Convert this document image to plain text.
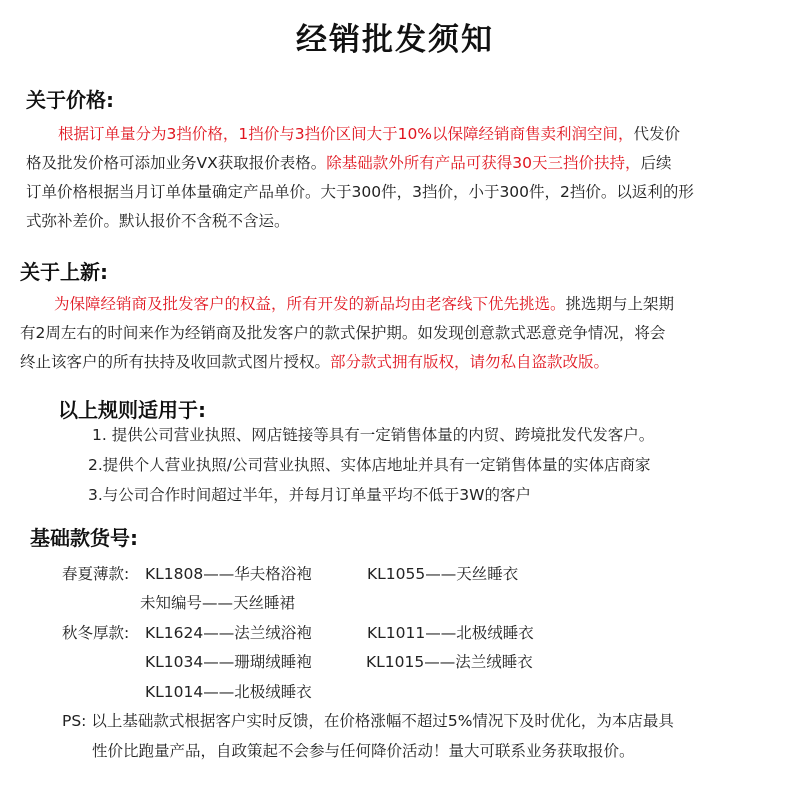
经销批发须知
关于价格:
根据订单量分为3挡价格，1挡价与3挡价区间大于10%以保障经销商售卖利润空间，代发价
格及批发价格可添加业务VX获取报价表格。除基础款外所有产品可获得30天三挡价扶持，后续
订单价格根据当月订单体量确定产品单价。大于300件，3挡价，小于300件，2挡价。以返利的形
式弥补差价。默认报价不含税不含运。
关于上新:
为保障经销商及批发客户的权益，所有开发的新品均由老客线下优先挑选。挑选期与上架期
有2周左右的时间来作为经销商及批发客户的款式保护期。如发现创意款式恶意竞争情况，将会
终止该客户的所有扶持及收回款式图片授权。部分款式拥有版权，请勿私自盗款改版。
以上规则适用于:
1. 提供公司营业执照、网店链接等具有一定销售体量的内贸、跨境批发代发客户。
2.提供个人营业执照/公司营业执照、实体店地址并具有一定销售体量的实体店商家
3.与公司合作时间超过半年，并每月订单量平均不低于3W的客户
基础款货号:
春夏薄款: KL1808——华夫格浴袍	KL1055——天丝睡衣
未知编号——天丝睡裙
秋冬厚款: KL1624——法兰绒浴袍	KL1011——北极绒睡衣
KL1034——珊瑚绒睡袍	KL1015——法兰绒睡衣
KL1014——北极绒睡衣
PS: 以上基础款式根据客户实时反馈，在价格涨幅不超过5%情况下及时优化，为本店最具
性价比跑量产品，自政策起不会参与任何降价活动！量大可联系业务获取报价。
